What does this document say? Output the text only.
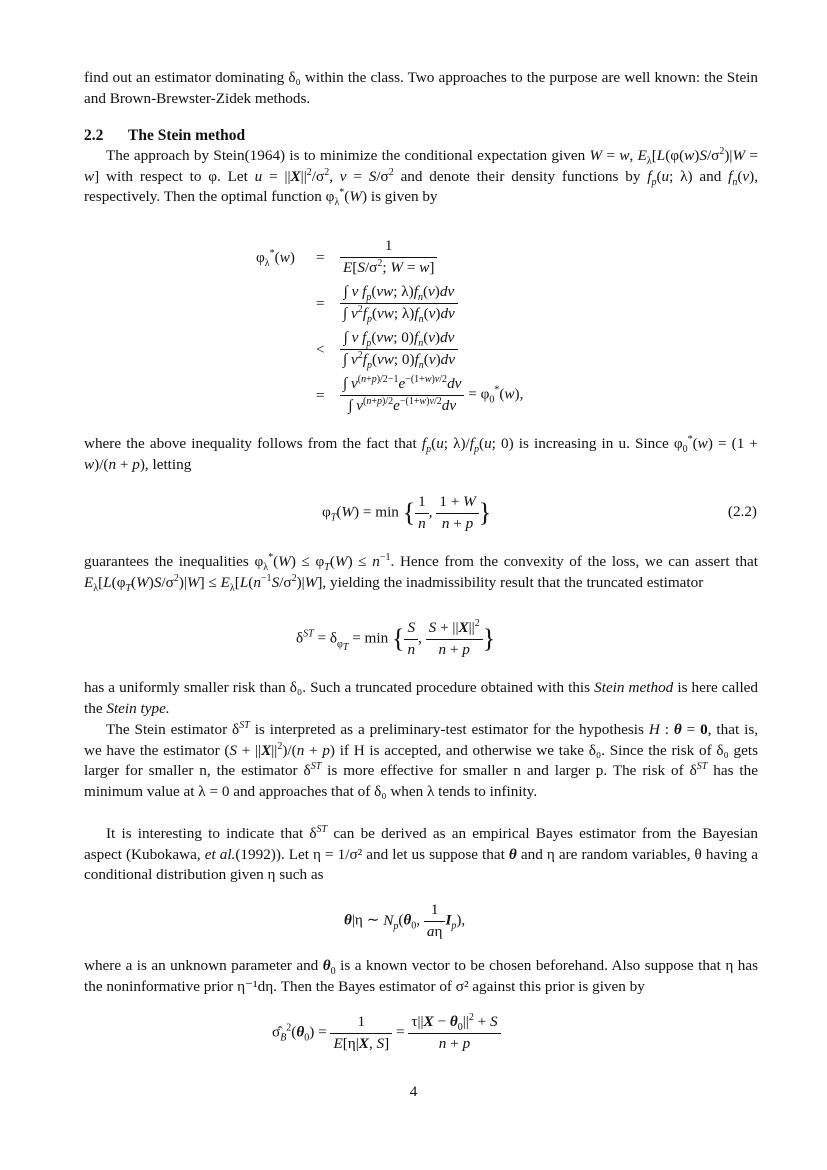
find out an estimator dominating δ₀ within the class. Two approaches to the purpose are well known: the Stein and Brown-Brewster-Zidek methods.

2.2 The Stein method

The approach by Stein(1964) is to minimize the conditional expectation given W = w, $E_\lambda[L(\varphi(w)S/\sigma^2)|W = w]$ with respect to φ. Let $u = ||X||^2/\sigma^2$, $v = S/\sigma^2$ and denote their density functions by $f_p(u$; λ) and $f_n(v)$, respectively. Then the optimal function $\varphi_\lambda^*(W)$ is given by

$\varphi_\lambda^*(w) = \frac{1}{E[S/\sigma^2; W = w]}$
= $\frac{\int v f_p(vw; \lambda)f_n(v)dv}{\int v^2f_p(vw; \lambda)f_n(v)dv}$
< $\frac{\int v f_p(vw; 0)f_n(v)dv}{\int v^2f_p(vw; 0)f_n(v)dv}$
= $\frac{\int v^{(n+p)/2-1}e^{-(1+w)v/2}dv}{\int v^{(n+p)/2}e^{-(1+w)v/2}dv} = \varphi_0^*(w)$,

where the above inequality follows from the fact that $f_p(u$; $\lambda)/f_p(u$; 0) is increasing in u. Since $\varphi_0^*(w) = (1 + w)/(n + p)$, letting

$\varphi_T(W) = \min$ { $\frac{1}{n}$ , $\frac{1 + W}{n + p}$ }	(2.2)

guarantees the inequalities $\varphi_\lambda^*(W) \le \varphi_T(W) \le n^{-1}$. Hence from the convexity of the loss, we can assert that $E_\lambda[L(\varphi_T(W)S/\sigma^2)|W] \le E_\lambda[L(n^{-1}S/\sigma^2)|W]$, yielding the inadmissibility result that the truncated estimator

$\delta^{ST} = \delta_{\varphi_T} = \min$ { $\frac{S}{n}$ , $\frac{S + ||X||^2}{n + p}$ }

has a uniformly smaller risk than δ₀. Such a truncated procedure obtained with this Stein method is here called the Stein type.

The Stein estimator $\delta^{ST}$ is interpreted as a preliminary-test estimator for the hypothesis H : θ = 0, that is, we have the estimator $(S + ||X||^2)/(n + p)$ if H is accepted, and otherwise we take δ₀. Since the risk of δ₀ gets larger for smaller n, the estimator $\delta^{ST}$ is more effective for smaller n and larger p. The risk of $\delta^{ST}$ has the minimum value at λ = 0 and approaches that of δ₀ when λ tends to infinity.

It is interesting to indicate that $\delta^{ST}$ can be derived as an empirical Bayes estimator from the Bayesian aspect (Kubokawa, et al.(1992)). Let η = 1/σ² and let us suppose that θ and η are random variables, θ having a conditional distribution given η such as

θ|η ∼ $N_p(\theta_0$, $\frac{1}{a\eta} I_p$),

where a is an unknown parameter and $\theta_0$ is a known vector to be chosen beforehand. Also suppose that η has the noninformative prior η⁻¹dη. Then the Bayes estimator of σ² against this prior is given by

$\sigmâ_B^2(\theta_0) = \frac{1}{E[\eta|X, S]} = \frac{\tau||X - \theta_0||^2 + S}{n + p}$
4
